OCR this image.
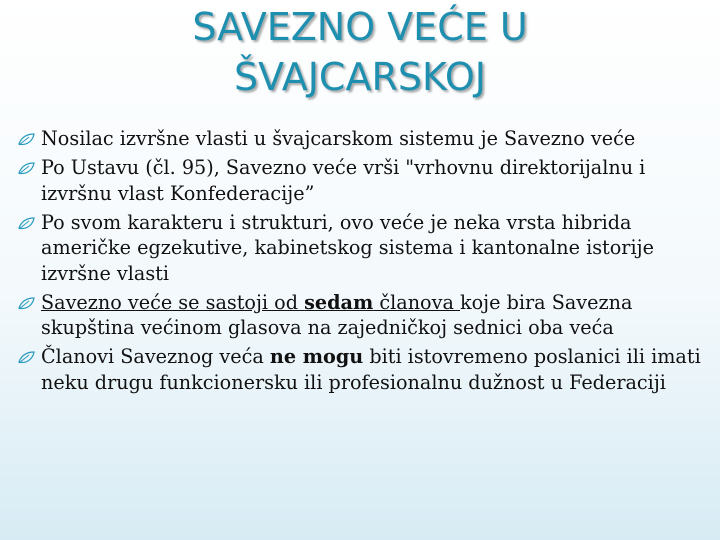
SAVEZNO VEĆE U
ŠVAJCARSKOJ
Nosilac izvršne vlasti u švajcarskom sistemu je Savezno veće
Po Ustavu (čl. 95), Savezno veće vrši "vrhovnu direktorijalnu i izvršnu vlast Konfederacije”
Po svom karakteru i strukturi, ovo veće je neka vrsta hibrida američke egzekutive, kabinetskog sistema i kantonalne istorije izvršne vlasti
Savezno veće se sastoji od sedam članova koje bira Savezna skupština većinom glasova na zajedničkoj sednici oba veća
Članovi Saveznog veća ne mogu biti istovremeno poslanici ili imati neku drugu funkcionersku ili profesionalnu dužnost u Federaciji
